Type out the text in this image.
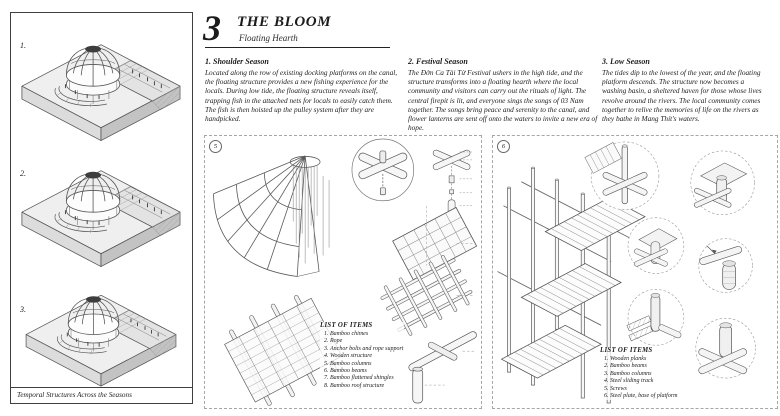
1.
2.
3.
Temporal Structures Across the Seasons
3 THE BLOOM
Floating Hearth
1. Shoulder Season

Located along the row of existing docking platforms on the canal, the floating structure provides a new fishing experience for the locals. During low tide, the floating structure reveals itself, trapping fish in the attached nets for locals to easily catch them. The fish is then hoisted up the pulley system after they are handpicked.

2. Festival Season

The Đờn Ca Tài Tử Festival ushers in the high tide, and the structure transforms into a floating hearth where the local community and visitors can carry out the rituals of light. The central firepit is lit, and everyone sings the songs of 03 Nam together. The songs bring peace and serenity to the canal, and flower lanterns are sent off onto the waters to invite a new era of hope.

3. Low Season

The tides dip to the lowest of the year, and the floating platform descends. The structure now becomes a washing basin, a sheltered haven for those whose lives revolve around the rivers. The local community comes together to relive the memories of life on the rivers as they bathe in Mang Thít's waters.

5
LIST OF ITEMS
1. Bamboo chimes
2. Rope
3. Anchor bolts and rope support
4. Wooden structure
5. Bamboo columns
6. Bamboo beams
7. Bamboo flattened shingles
8. Bamboo roof structure
6
LIST OF ITEMS
1. Wooden planks
2. Bamboo beams
3. Bamboo columns
4. Steel sliding track
5. Screws
6. Steel plate, base of platform
